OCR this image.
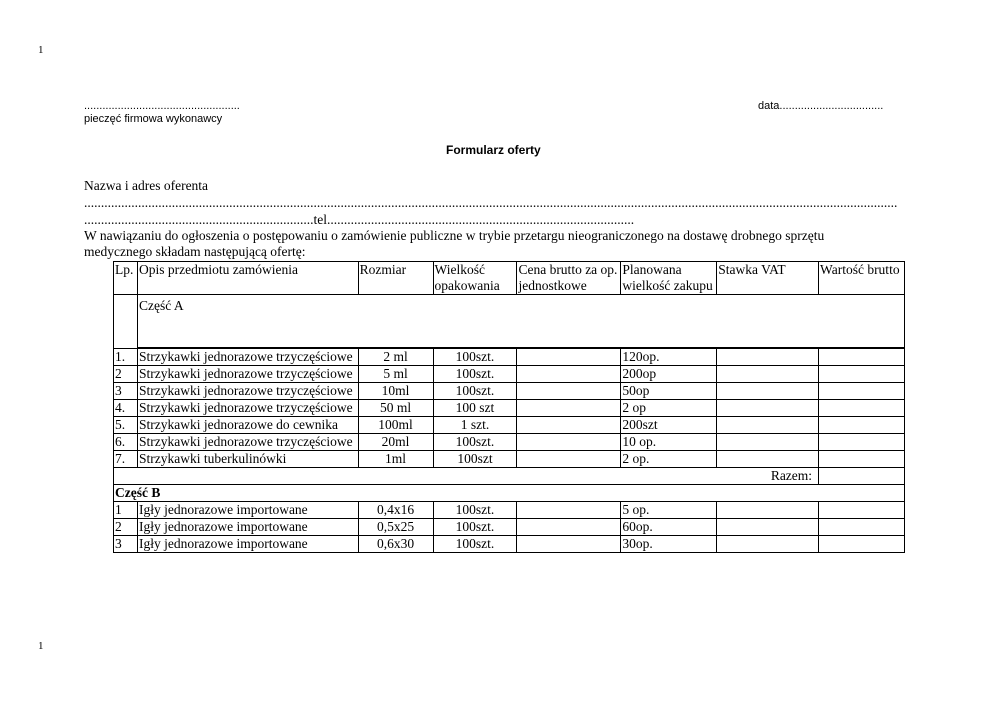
1
1
...................................................
pieczęć firmowa wykonawcy
data..................................
Formularz oferty
Nazwa i adres oferenta
.................................................................................................................................................................................................................................................
....................................................................tel...........................................................................................
W nawiązaniu do ogłoszenia o postępowaniu o zamówienie publiczne w trybie przetargu nieograniczonego na dostawę drobnego sprzętu
medycznego składam następującą ofertę:
Lp.	Opis przedmiotu zamówienia	Rozmiar	Wielkość opakowania	Cena brutto za op. jednostkowe	Planowana wielkość zakupu	Stawka VAT	Wartość brutto
	Część A						

1.	Strzykawki jednorazowe trzyczęściowe	2 ml	100szt.		120op.		
2	Strzykawki jednorazowe trzyczęściowe	5 ml	100szt.		200op		
3	Strzykawki jednorazowe trzyczęściowe	10ml	100szt.		50op		
4.	Strzykawki jednorazowe trzyczęściowe	50 ml	100 szt		2 op		
5.	Strzykawki jednorazowe do cewnika	100ml	1 szt.		200szt		
6.	Strzykawki jednorazowe trzyczęściowe	20ml	100szt.		10 op.		
7.	Strzykawki tuberkulinówki	1ml	100szt		2 op.		
Razem:							
Część B							
1	Igły jednorazowe importowane	0,4x16	100szt.		5 op.		
2	Igły jednorazowe importowane	0,5x25	100szt.		60op.		
3	Igły jednorazowe importowane	0,6x30	100szt.		30op.		
